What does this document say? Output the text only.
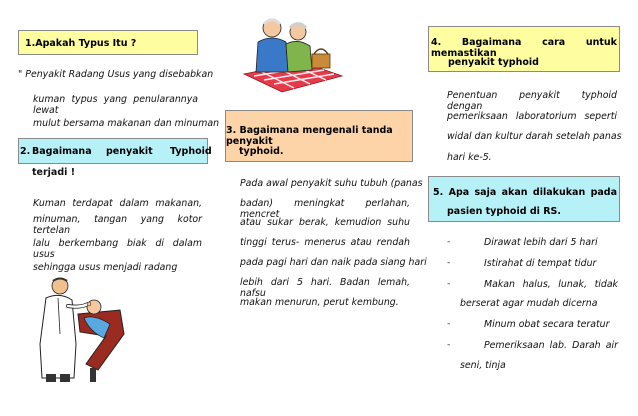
1.Apakah Typus Itu ?
" Penyakit Radang Usus yang disebabkan
kuman typus yang penularannya lewat
mulut bersama makanan dan minuman
2. Bagaimana penyakit Typhoid
terjadi !
Kuman terdapat dalam makanan,
minuman, tangan yang kotor tertelan
lalu berkembang biak di dalam usus
sehingga usus menjadi radang
3. Bagaimana mengenali tanda penyakit
typhoid.
Pada awal penyakit suhu tubuh (panas
badan) meningkat perlahan, mencret
atau sukar berak, kemudion suhu
tinggi terus- menerus atau rendah
pada pagi hari dan naik pada siang hari
lebih dari 5 hari. Badan lemah, nafsu
makan menurun, perut kembung.
4. Bagaimana cara untuk memastikan
penyakit typhoid
Penentuan penyakit typhoid dengan
pemeriksaan laboratorium seperti
widal dan kultur darah setelah panas
hari ke-5.
5. Apa saja akan dilakukan pada
pasien typhoid di RS.
-	Dirawat lebih dari 5 hari
-	Istirahat di tempat tidur
-	Makan halus, lunak, tidak
berserat agar mudah dicerna
-	Minum obat secara teratur
-	Pemeriksaan lab. Darah air
seni, tinja
